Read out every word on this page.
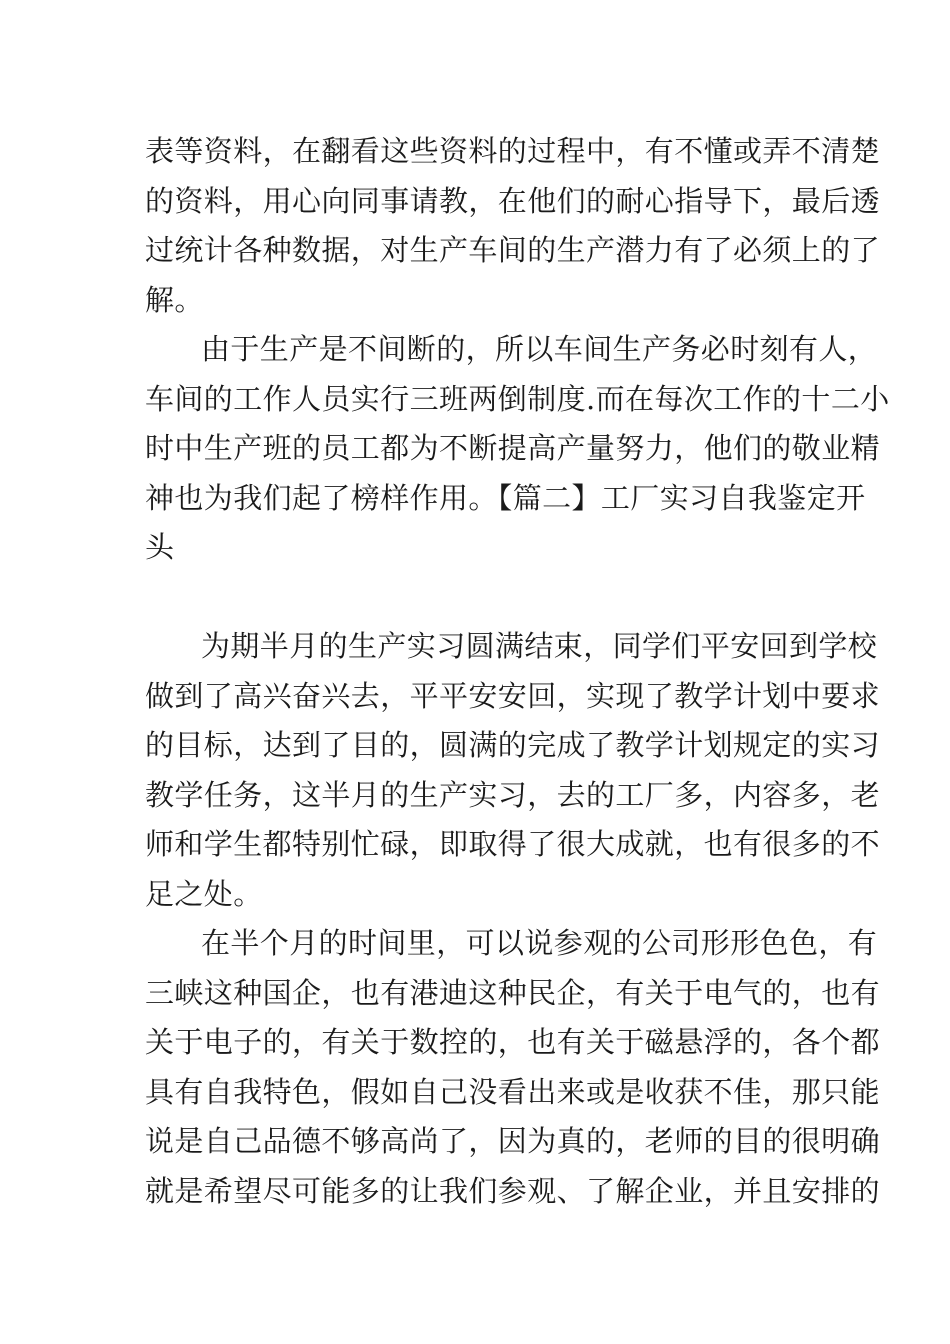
表等资料，在翻看这些资料的过程中，有不懂或弄不清楚
的资料，用心向同事请教，在他们的耐心指导下，最后透
过统计各种数据，对生产车间的生产潜力有了必须上的了
解。
由于生产是不间断的，所以车间生产务必时刻有人，
车间的工作人员实行三班两倒制度.而在每次工作的十二小
时中生产班的员工都为不断提高产量努力，他们的敬业精
神也为我们起了榜样作用。【篇二】工厂实习自我鉴定开
头
为期半月的生产实习圆满结束，同学们平安回到学校
做到了高兴奋兴去，平平安安回，实现了教学计划中要求
的目标，达到了目的，圆满的完成了教学计划规定的实习
教学任务，这半月的生产实习，去的工厂多，内容多，老
师和学生都特别忙碌，即取得了很大成就，也有很多的不
足之处。
在半个月的时间里，可以说参观的公司形形色色，有
三峡这种国企，也有港迪这种民企，有关于电气的，也有
关于电子的，有关于数控的，也有关于磁悬浮的，各个都
具有自我特色，假如自己没看出来或是收获不佳，那只能
说是自己品德不够高尚了，因为真的，老师的目的很明确
就是希望尽可能多的让我们参观、了解企业，并且安排的
